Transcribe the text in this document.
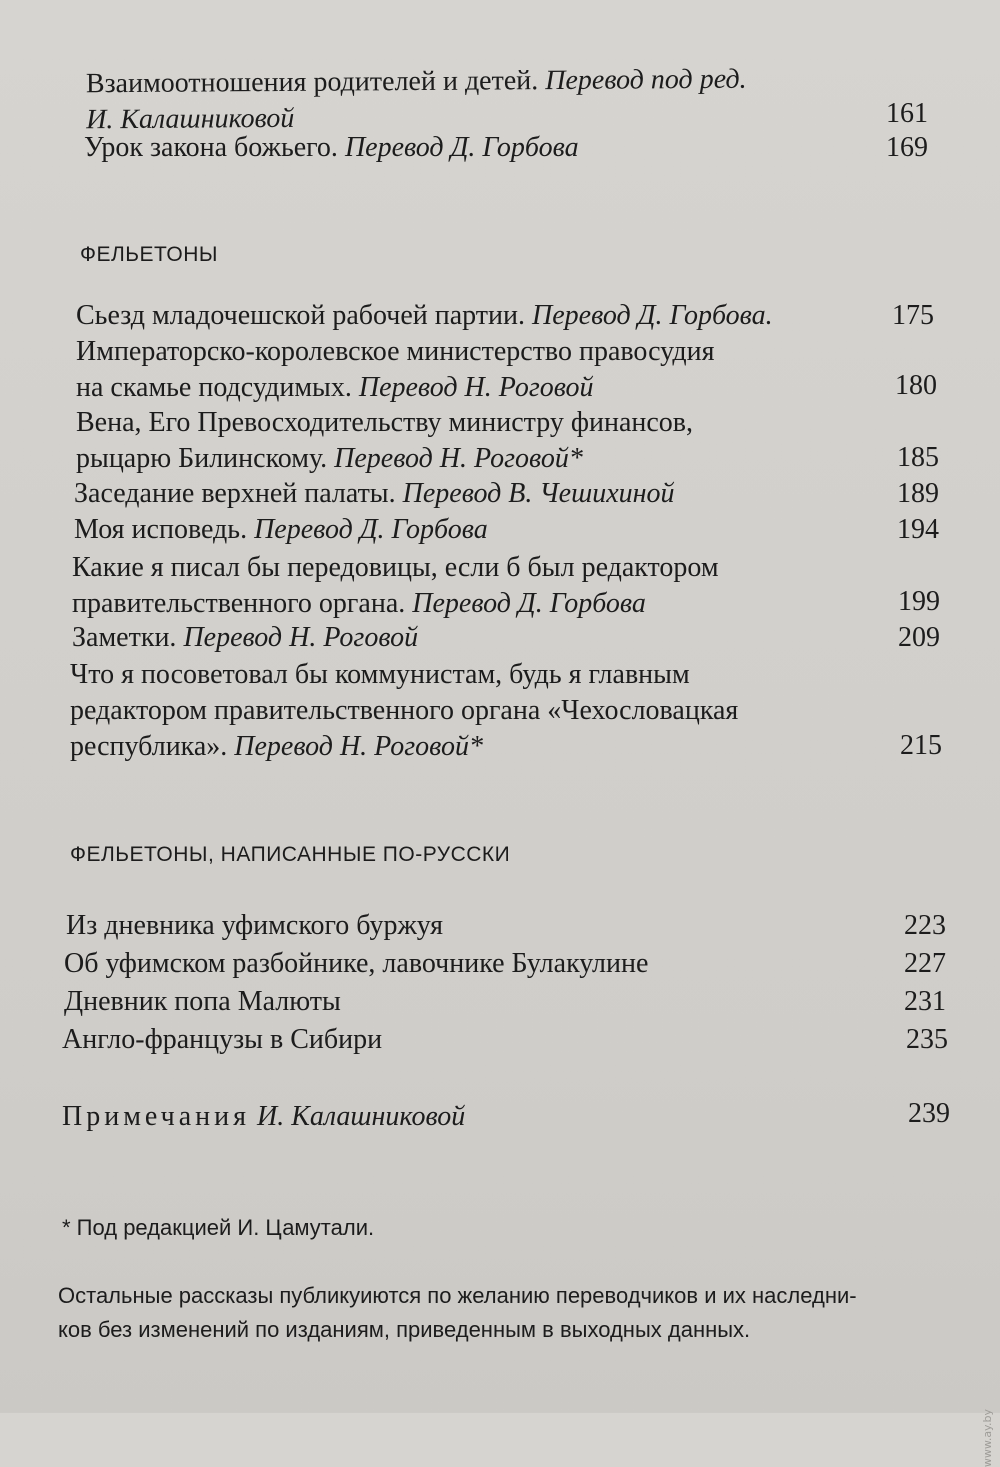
Взаимоотношения родителей и детей. Перевод под ред.
И. Калашниковой	161
Урок закона божьего. Перевод Д. Горбова	169
ФЕЛЬЕТОНЫ
Сьезд младочешской рабочей партии. Перевод Д. Горбова.	175
Императорско-королевское министерство правосудия
на скамье подсудимых. Перевод Н. Роговой	180
Вена, Его Превосходительству министру финансов,
рыцарю Билинскому. Перевод Н. Роговой*	185
Заседание верхней палаты. Перевод В. Чешихиной	189
Моя исповедь. Перевод Д. Горбова	194
Какие я писал бы передовицы, если б был редактором
правительственного органа. Перевод Д. Горбова	199
Заметки. Перевод Н. Роговой	209
Что я посоветовал бы коммунистам, будь я главным
редактором правительственного органа «Чехословацкая
республика». Перевод Н. Роговой*	215
ФЕЛЬЕТОНЫ, НАПИСАННЫЕ ПО-РУССКИ
Из дневника уфимского буржуя	223
Об уфимском разбойнике, лавочнике Булакулине	227
Дневник попа Малюты	231
Англо-французы в Сибири	235
Примечания И. Калашниковой	239
* Под редакцией И. Цамутали.
Остальные рассказы публикуиются по желанию переводчиков и их наследни-
ков без изменений по изданиям, приведенным в выходных данных.
www.ay.by
